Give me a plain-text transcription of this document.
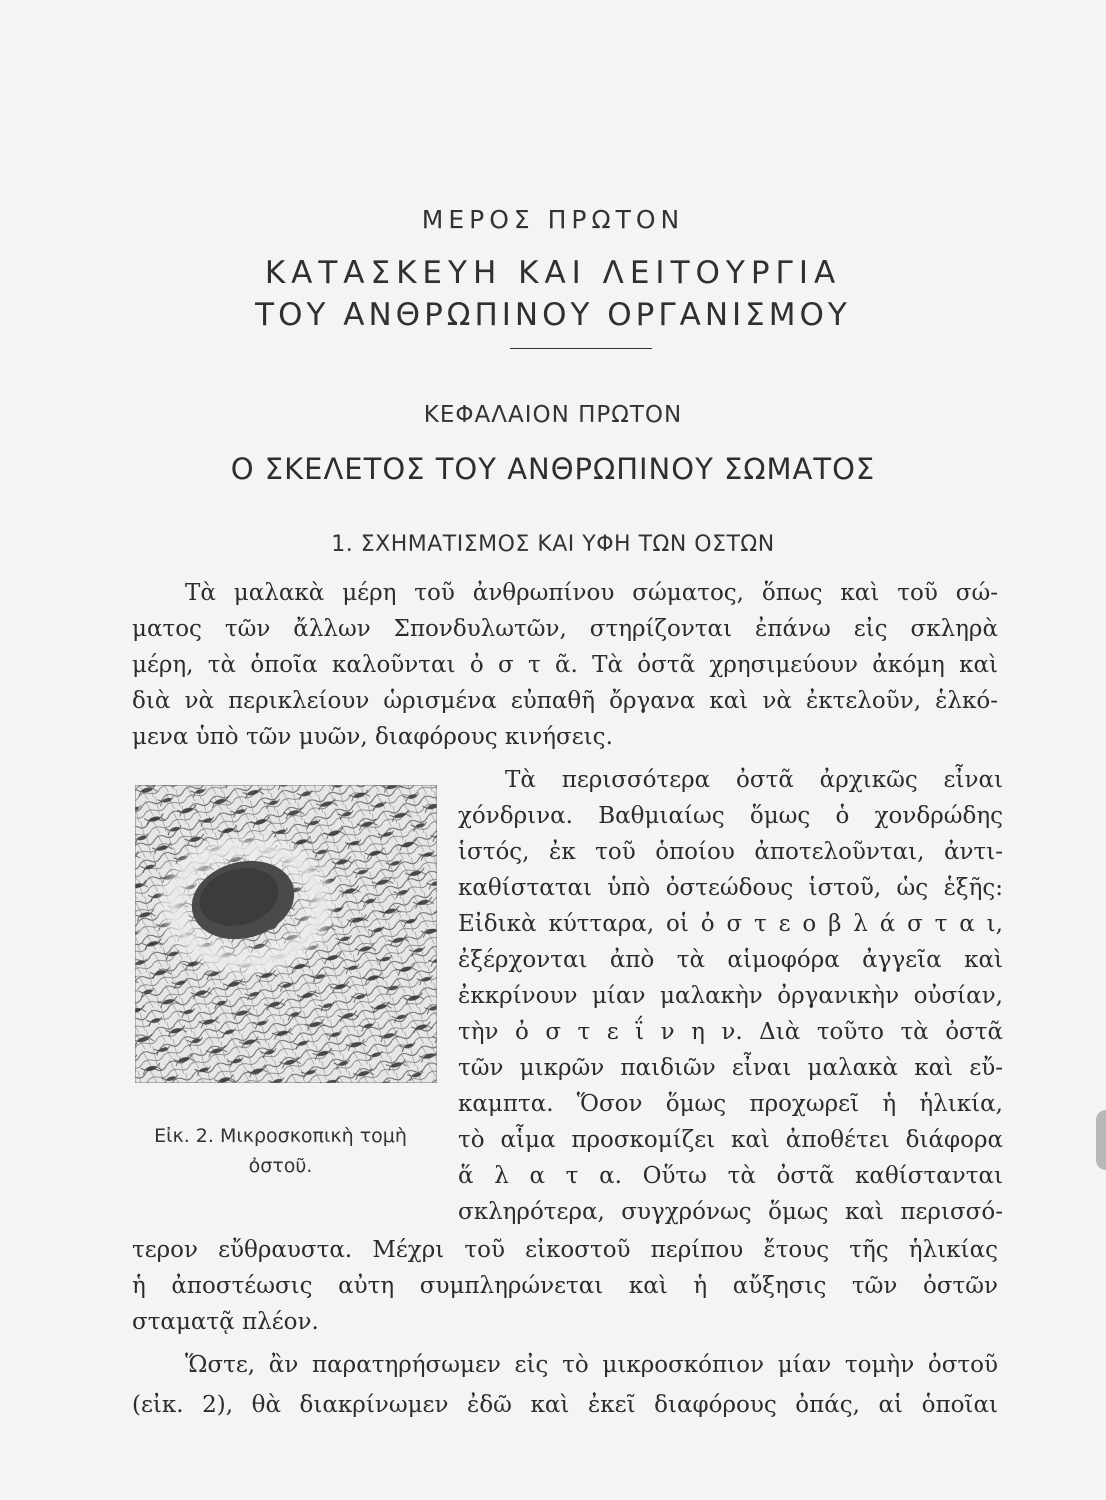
ΜΕΡΟΣ ΠΡΩΤΟΝ
ΚΑΤΑΣΚΕΥΗ ΚΑΙ ΛΕΙΤΟΥΡΓΙΑ
ΤΟΥ ΑΝΘΡΩΠΙΝΟΥ ΟΡΓΑΝΙΣΜΟΥ
ΚΕΦΑΛΑΙΟΝ ΠΡΩΤΟΝ
Ο ΣΚΕΛΕΤΟΣ ΤΟΥ ΑΝΘΡΩΠΙΝΟΥ ΣΩΜΑΤΟΣ
1. ΣΧΗΜΑΤΙΣΜΟΣ ΚΑΙ ΥΦΗ ΤΩΝ ΟΣΤΩΝ
Τὰ μαλακὰ μέρη τοῦ ἀνθρωπίνου σώματος, ὅπως καὶ τοῦ σώ-
ματος τῶν ἄλλων Σπονδυλωτῶν, στηρίζονται ἐπάνω εἰς σκληρὰ
μέρη, τὰ ὁποῖα καλοῦνται ὀ σ τ ᾶ. Τὰ ὀστᾶ χρησιμεύουν ἀκόμη καὶ
διὰ νὰ περικλείουν ὡρισμένα εὐπαθῆ ὄργανα καὶ νὰ ἐκτελοῦν, ἑλκό-
μενα ὑπὸ τῶν μυῶν, διαφόρους κινήσεις.
Εἰκ. 2. Μικροσκοπικὴ τομὴ
ὀστοῦ.
Τὰ περισσότερα ὀστᾶ ἀρχικῶς εἶναι
χόνδρινα. Βαθμιαίως ὅμως ὁ χονδρώδης
ἱστός, ἐκ τοῦ ὁποίου ἀποτελοῦνται, ἀντι-
καθίσταται ὑπὸ ὀστεώδους ἱστοῦ, ὡς ἑξῆς:
Εἰδικὰ κύτταρα, οἱ ὀ σ τ ε ο β λ ά σ τ α ι,
ἐξέρχονται ἀπὸ τὰ αἱμοφόρα ἀγγεῖα καὶ
ἐκκρίνουν μίαν μαλακὴν ὀργανικὴν οὐσίαν,
τὴν ὀ σ τ ε ΐ ν η ν. Διὰ τοῦτο τὰ ὀστᾶ
τῶν μικρῶν παιδιῶν εἶναι μαλακὰ καὶ εὔ-
καμπτα. Ὅσον ὅμως προχωρεῖ ἡ ἡλικία,
τὸ αἷμα προσκομίζει καὶ ἀποθέτει διάφορα
ἅ λ α τ α. Οὕτω τὰ ὀστᾶ καθίστανται
σκληρότερα, συγχρόνως ὅμως καὶ περισσό-
τερον εὔθραυστα. Μέχρι τοῦ εἰκοστοῦ περίπου ἔτους τῆς ἡλικίας
ἡ ἀποστέωσις αὐτη συμπληρώνεται καὶ ἡ αὔξησις τῶν ὀστῶν
σταματᾷ πλέον.
Ὥστε, ἂν παρατηρήσωμεν εἰς τὸ μικροσκόπιον μίαν τομὴν ὀστοῦ
(εἰκ. 2), θὰ διακρίνωμεν ἐδῶ καὶ ἐκεῖ διαφόρους ὀπάς, αἱ ὁποῖαι
